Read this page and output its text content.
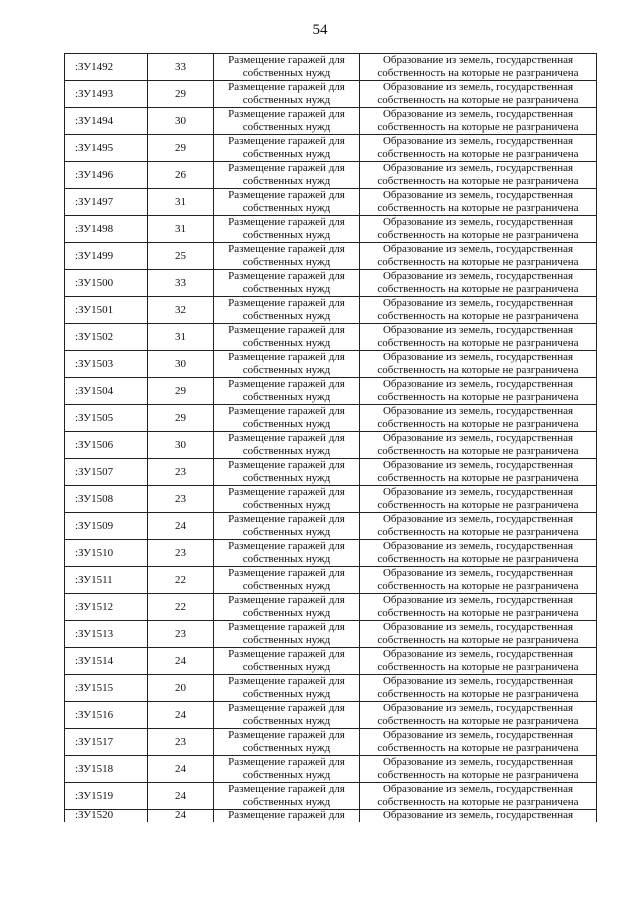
54
:ЗУ1492	33	Размещение гаражей для
собственных нужд	Образование из земель, государственная
собственность на которые не разграничена

:ЗУ1493	29	Размещение гаражей для
собственных нужд	Образование из земель, государственная
собственность на которые не разграничена

:ЗУ1494	30	Размещение гаражей для
собственных нужд	Образование из земель, государственная
собственность на которые не разграничена

:ЗУ1495	29	Размещение гаражей для
собственных нужд	Образование из земель, государственная
собственность на которые не разграничена

:ЗУ1496	26	Размещение гаражей для
собственных нужд	Образование из земель, государственная
собственность на которые не разграничена

:ЗУ1497	31	Размещение гаражей для
собственных нужд	Образование из земель, государственная
собственность на которые не разграничена

:ЗУ1498	31	Размещение гаражей для
собственных нужд	Образование из земель, государственная
собственность на которые не разграничена

:ЗУ1499	25	Размещение гаражей для
собственных нужд	Образование из земель, государственная
собственность на которые не разграничена

:ЗУ1500	33	Размещение гаражей для
собственных нужд	Образование из земель, государственная
собственность на которые не разграничена

:ЗУ1501	32	Размещение гаражей для
собственных нужд	Образование из земель, государственная
собственность на которые не разграничена

:ЗУ1502	31	Размещение гаражей для
собственных нужд	Образование из земель, государственная
собственность на которые не разграничена

:ЗУ1503	30	Размещение гаражей для
собственных нужд	Образование из земель, государственная
собственность на которые не разграничена

:ЗУ1504	29	Размещение гаражей для
собственных нужд	Образование из земель, государственная
собственность на которые не разграничена

:ЗУ1505	29	Размещение гаражей для
собственных нужд	Образование из земель, государственная
собственность на которые не разграничена

:ЗУ1506	30	Размещение гаражей для
собственных нужд	Образование из земель, государственная
собственность на которые не разграничена

:ЗУ1507	23	Размещение гаражей для
собственных нужд	Образование из земель, государственная
собственность на которые не разграничена

:ЗУ1508	23	Размещение гаражей для
собственных нужд	Образование из земель, государственная
собственность на которые не разграничена

:ЗУ1509	24	Размещение гаражей для
собственных нужд	Образование из земель, государственная
собственность на которые не разграничена

:ЗУ1510	23	Размещение гаражей для
собственных нужд	Образование из земель, государственная
собственность на которые не разграничена

:ЗУ1511	22	Размещение гаражей для
собственных нужд	Образование из земель, государственная
собственность на которые не разграничена

:ЗУ1512	22	Размещение гаражей для
собственных нужд	Образование из земель, государственная
собственность на которые не разграничена

:ЗУ1513	23	Размещение гаражей для
собственных нужд	Образование из земель, государственная
собственность на которые не разграничена

:ЗУ1514	24	Размещение гаражей для
собственных нужд	Образование из земель, государственная
собственность на которые не разграничена

:ЗУ1515	20	Размещение гаражей для
собственных нужд	Образование из земель, государственная
собственность на которые не разграничена

:ЗУ1516	24	Размещение гаражей для
собственных нужд	Образование из земель, государственная
собственность на которые не разграничена

:ЗУ1517	23	Размещение гаражей для
собственных нужд	Образование из земель, государственная
собственность на которые не разграничена

:ЗУ1518	24	Размещение гаражей для
собственных нужд	Образование из земель, государственная
собственность на которые не разграничена

:ЗУ1519	24	Размещение гаражей для
собственных нужд	Образование из земель, государственная
собственность на которые не разграничена

:ЗУ1520	24	Размещение гаражей для	Образование из земель, государственная
